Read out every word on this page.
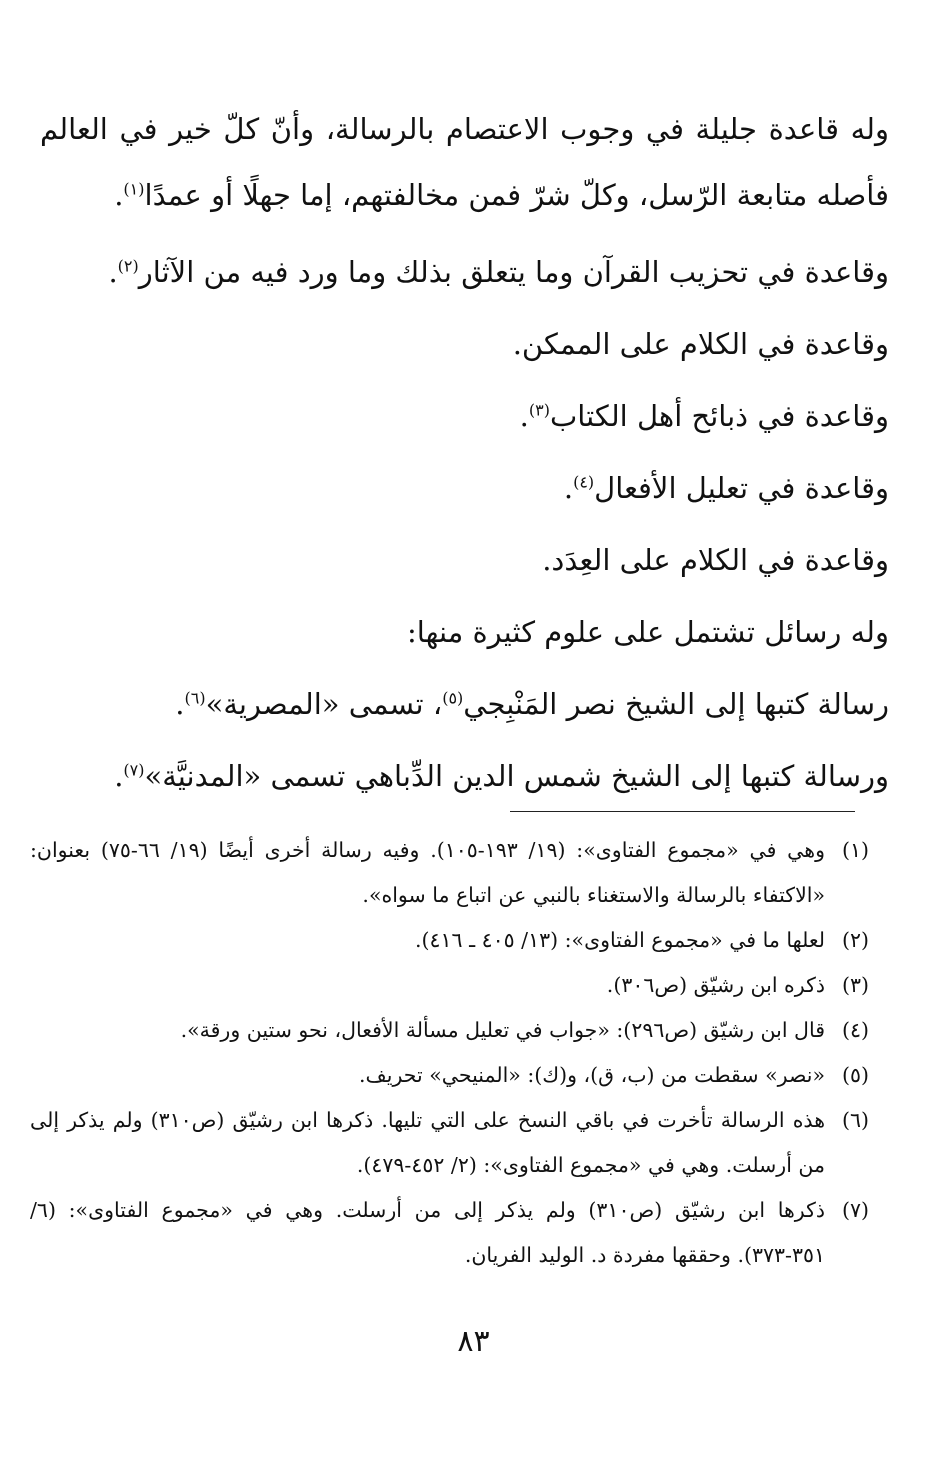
وله قاعدة جليلة في وجوب الاعتصام بالرسالة، وأنّ كلّ خير في العالم فأصله متابعة الرّسل، وكلّ شرّ فمن مخالفتهم، إما جهلًا أو عمدًا$^{(١)}$.

وقاعدة في تحزيب القرآن وما يتعلق بذلك وما ورد فيه من الآثار$^{(٢)}$.

وقاعدة في الكلام على الممكن.

وقاعدة في ذبائح أهل الكتاب$^{(٣)}$.

وقاعدة في تعليل الأفعال$^{(٤)}$.

وقاعدة في الكلام على العِدَد.

وله رسائل تشتمل على علوم كثيرة منها:

رسالة كتبها إلى الشيخ نصر المَنْبِجي$^{(٥)}$، تسمى «المصرية»$^{(٦)}$.

ورسالة كتبها إلى الشيخ شمس الدين الدِّباهي تسمى «المدنيَّة»$^{(٧)}$.

(١)
وهي في «مجموع الفتاوى»: (١٩/ ١٩٣-١٠٥). وفيه رسالة أخرى أيضًا (١٩/ ٦٦-٧٥) بعنوان: «الاكتفاء بالرسالة والاستغناء بالنبي عن اتباع ما سواه».
(٢)
لعلها ما في «مجموع الفتاوى»: (١٣/ ٤٠٥ ـ ٤١٦).
(٣)
ذكره ابن رشيّق (ص٣٠٦).
(٤)
قال ابن رشيّق (ص٢٩٦): «جواب في تعليل مسألة الأفعال، نحو ستين ورقة».
(٥)
«نصر» سقطت من (ب، ق)، و(ك): «المنيحي» تحريف.
(٦)
هذه الرسالة تأخرت في باقي النسخ على التي تليها. ذكرها ابن رشيّق (ص٣١٠) ولم يذكر إلى من أرسلت. وهي في «مجموع الفتاوى»: (٢/ ٤٥٢-٤٧٩).
(٧)
ذكرها ابن رشيّق (ص٣١٠) ولم يذكر إلى من أرسلت. وهي في «مجموع الفتاوى»: (٦/ ٣٥١-٣٧٣). وحققها مفردة د. الوليد الفريان.
٨٣
